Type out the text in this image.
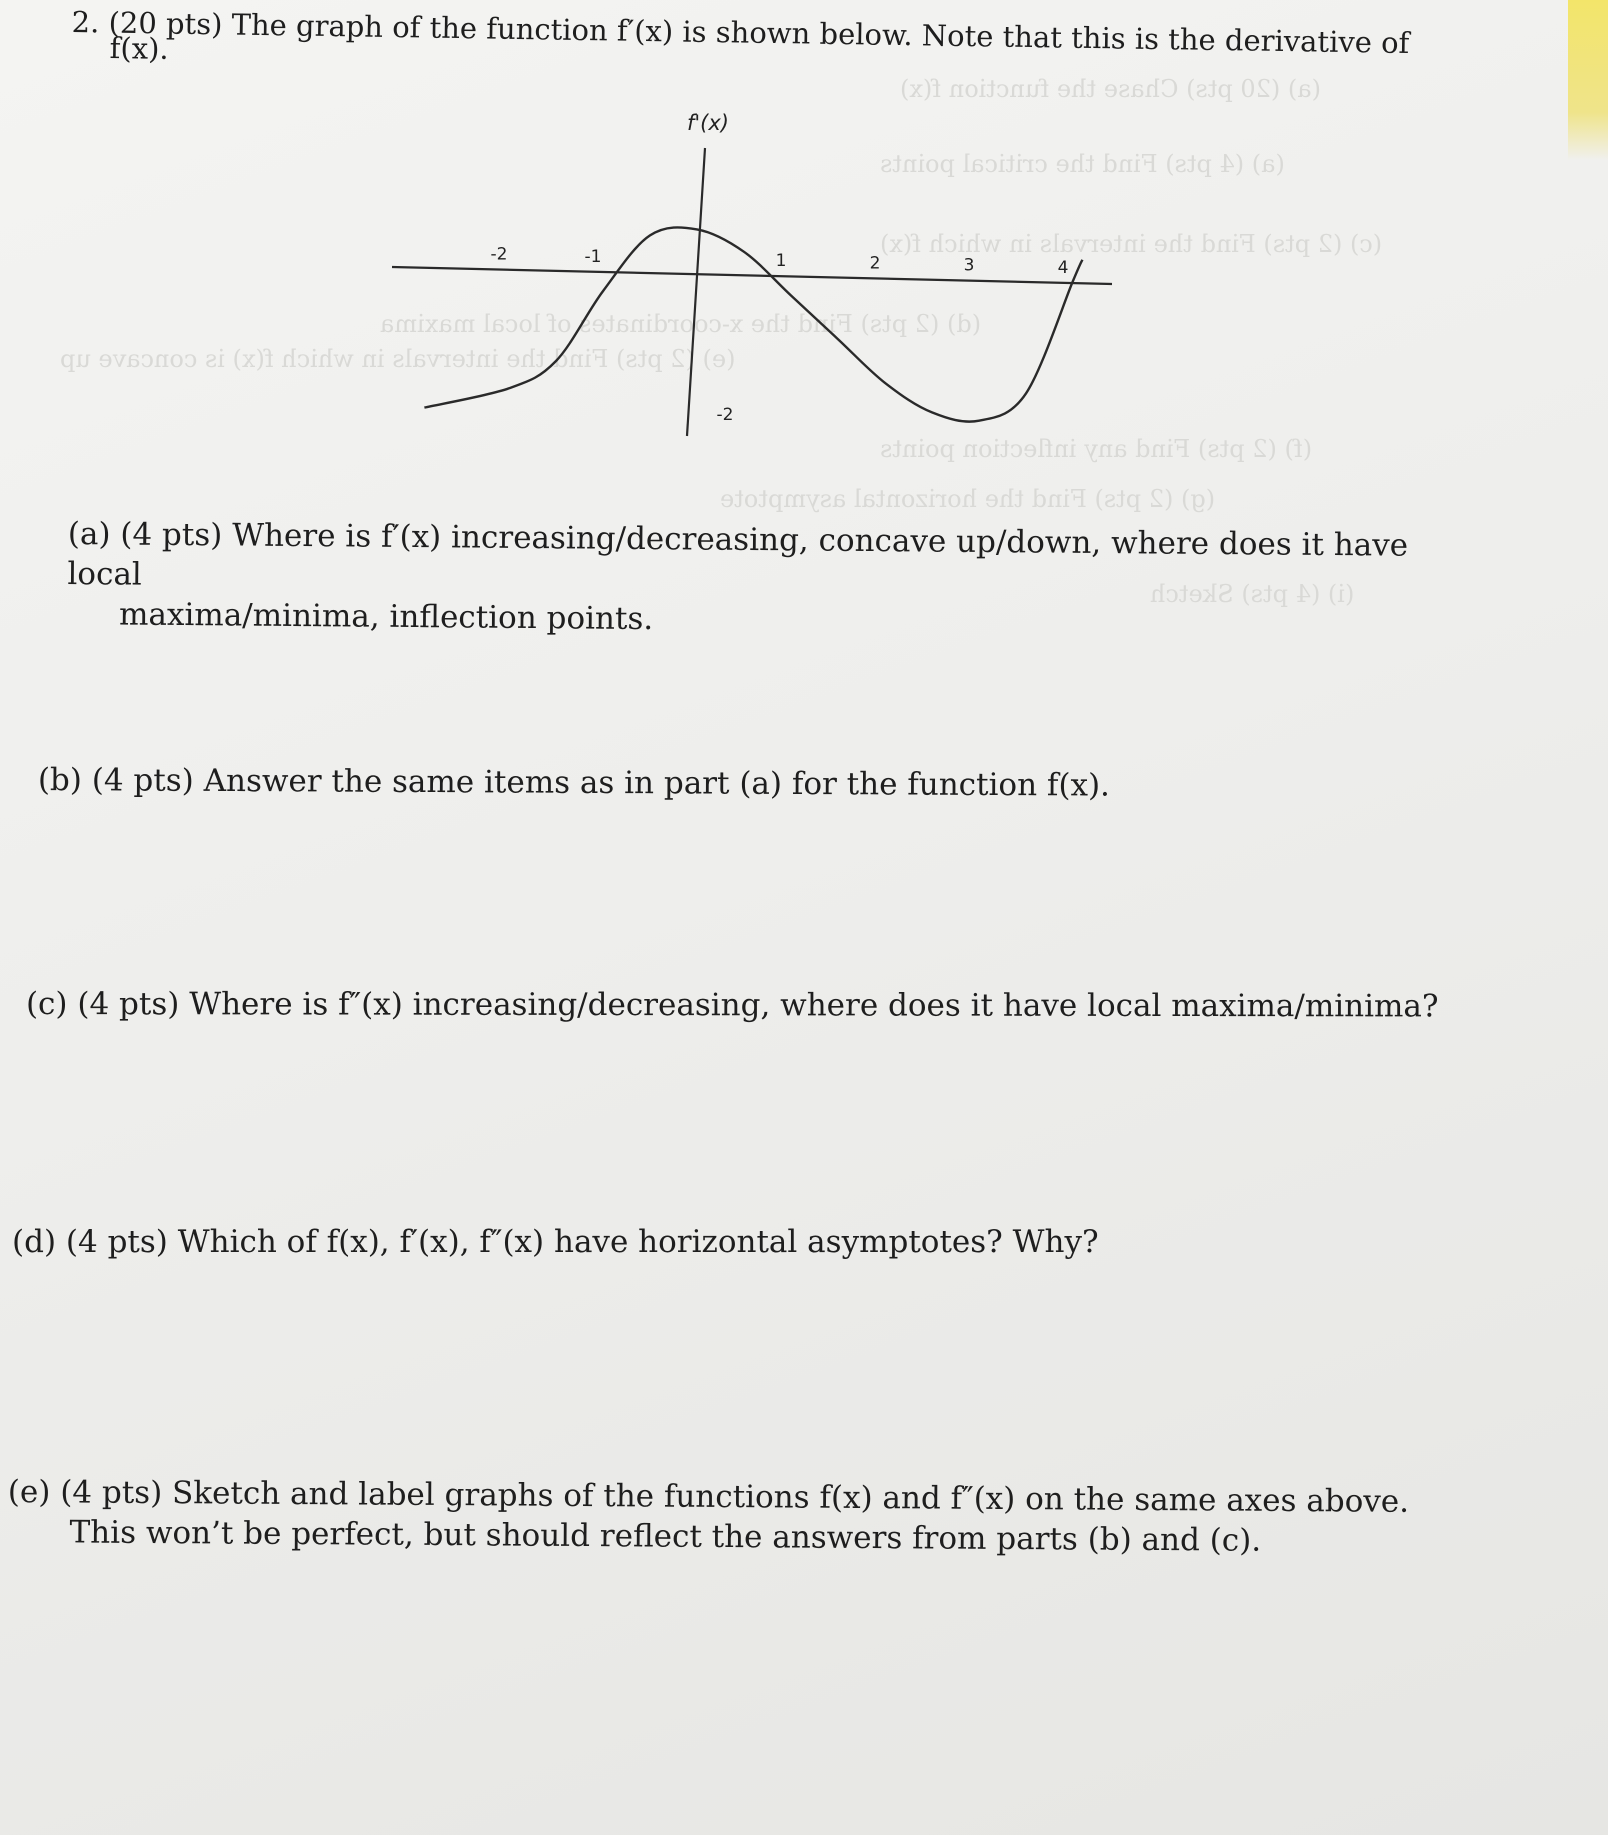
(a) (20 pts) Chase the function f(x)
(a) (4 pts) Find the critical points
(c) (2 pts) Find the intervals in which f(x)
(d) (2 pts) Find the x-coordinates of local maxima
(e) (2 pts) Find the intervals in which f(x) is concave up
(f) (2 pts) Find any inflection points
(g) (2 pts) Find the horizontal asymptote
(i) (4 pts) Sketch

2. (20 pts) The graph of the function f′(x) is shown below. Note that this is the derivative of

f(x).

f'(x)
-2	-1	1	2	3	4
-2

(a) (4 pts) Where is f′(x) increasing/decreasing, concave up/down, where does it have local
maxima/minima, inflection points.

(b) (4 pts) Answer the same items as in part (a) for the function f(x).

(c) (4 pts) Where is f″(x) increasing/decreasing, where does it have local maxima/minima?

(d) (4 pts) Which of f(x), f′(x), f″(x) have horizontal asymptotes? Why?

(e) (4 pts) Sketch and label graphs of the functions f(x) and f″(x) on the same axes above.
This won’t be perfect, but should reflect the answers from parts (b) and (c).
